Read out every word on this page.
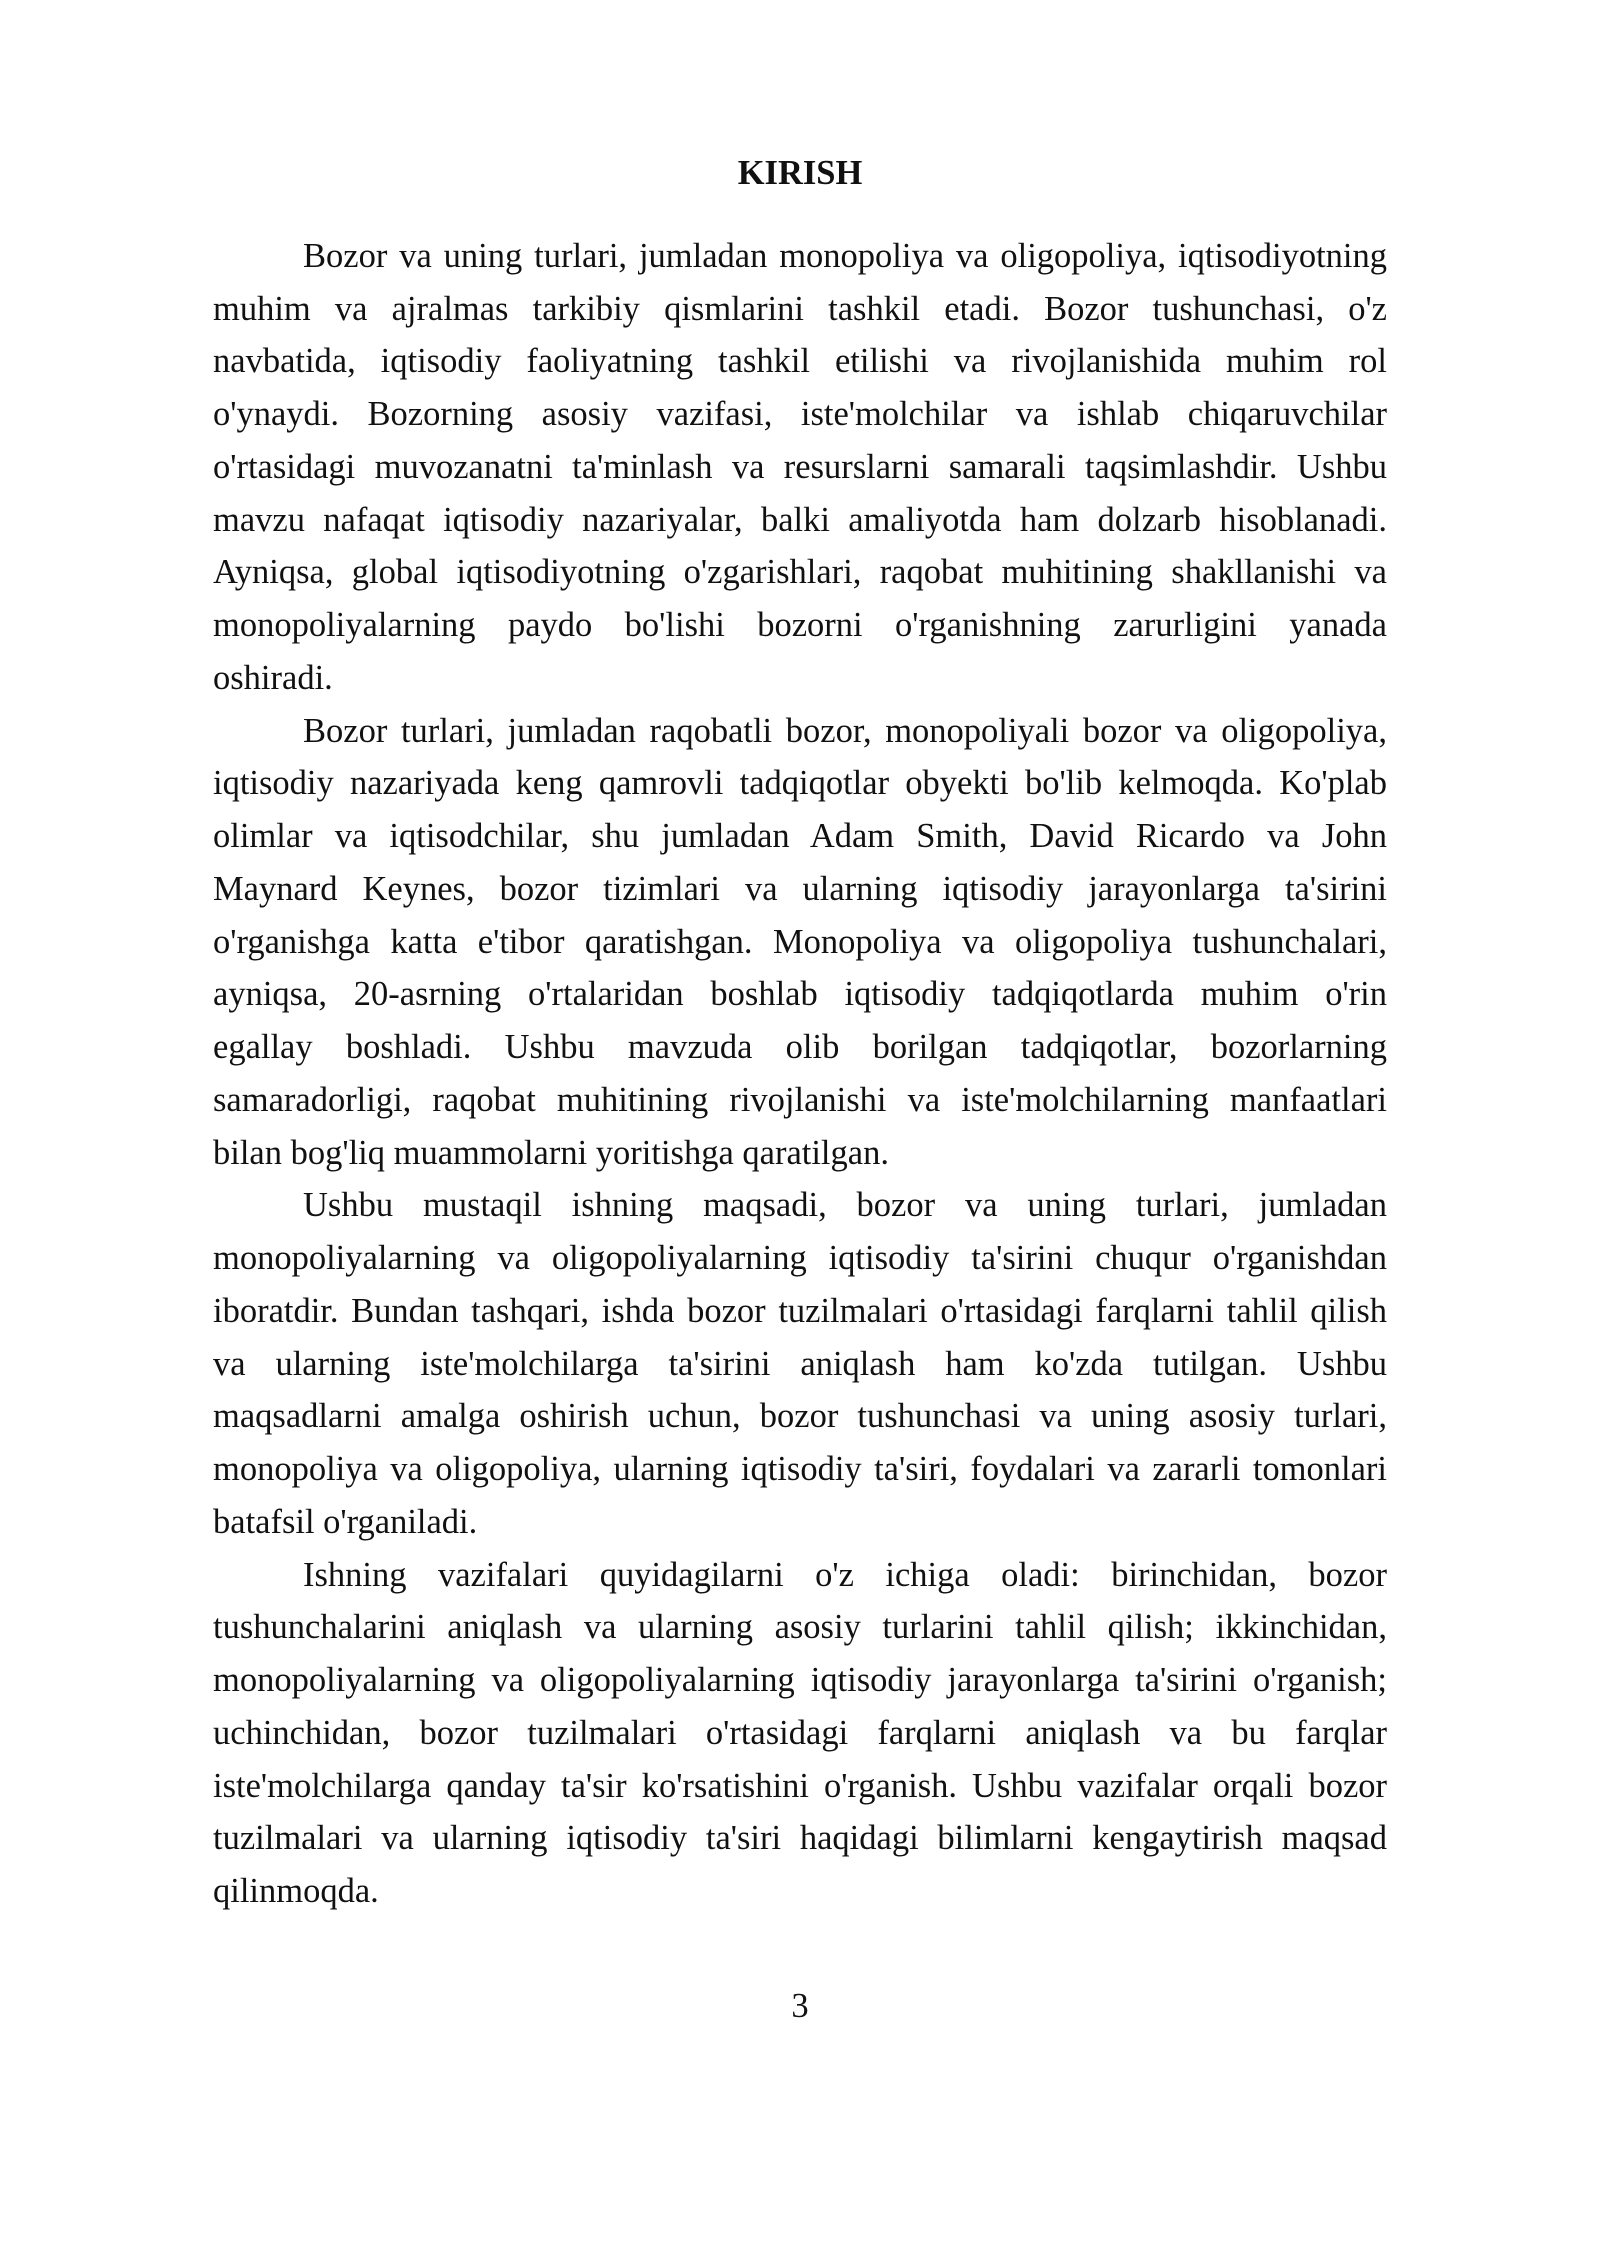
KIRISH
Bozor va uning turlari, jumladan monopoliya va oligopoliya, iqtisodiyotning
muhim va ajralmas tarkibiy qismlarini tashkil etadi. Bozor tushunchasi, o'z
navbatida, iqtisodiy faoliyatning tashkil etilishi va rivojlanishida muhim rol
o'ynaydi. Bozorning asosiy vazifasi, iste'molchilar va ishlab chiqaruvchilar
o'rtasidagi muvozanatni ta'minlash va resurslarni samarali taqsimlashdir. Ushbu
mavzu nafaqat iqtisodiy nazariyalar, balki amaliyotda ham dolzarb hisoblanadi.
Ayniqsa, global iqtisodiyotning o'zgarishlari, raqobat muhitining shakllanishi va
monopoliyalarning paydo bo'lishi bozorni o'rganishning zarurligini yanada
oshiradi.
Bozor turlari, jumladan raqobatli bozor, monopoliyali bozor va oligopoliya,
iqtisodiy nazariyada keng qamrovli tadqiqotlar obyekti bo'lib kelmoqda. Ko'plab
olimlar va iqtisodchilar, shu jumladan Adam Smith, David Ricardo va John
Maynard Keynes, bozor tizimlari va ularning iqtisodiy jarayonlarga ta'sirini
o'rganishga katta e'tibor qaratishgan. Monopoliya va oligopoliya tushunchalari,
ayniqsa, 20-asrning o'rtalaridan boshlab iqtisodiy tadqiqotlarda muhim o'rin
egallay boshladi. Ushbu mavzuda olib borilgan tadqiqotlar, bozorlarning
samaradorligi, raqobat muhitining rivojlanishi va iste'molchilarning manfaatlari
bilan bog'liq muammolarni yoritishga qaratilgan.
Ushbu mustaqil ishning maqsadi, bozor va uning turlari, jumladan
monopoliyalarning va oligopoliyalarning iqtisodiy ta'sirini chuqur o'rganishdan
iboratdir. Bundan tashqari, ishda bozor tuzilmalari o'rtasidagi farqlarni tahlil qilish
va ularning iste'molchilarga ta'sirini aniqlash ham ko'zda tutilgan. Ushbu
maqsadlarni amalga oshirish uchun, bozor tushunchasi va uning asosiy turlari,
monopoliya va oligopoliya, ularning iqtisodiy ta'siri, foydalari va zararli tomonlari
batafsil o'rganiladi.
Ishning vazifalari quyidagilarni o'z ichiga oladi: birinchidan, bozor
tushunchalarini aniqlash va ularning asosiy turlarini tahlil qilish; ikkinchidan,
monopoliyalarning va oligopoliyalarning iqtisodiy jarayonlarga ta'sirini o'rganish;
uchinchidan, bozor tuzilmalari o'rtasidagi farqlarni aniqlash va bu farqlar
iste'molchilarga qanday ta'sir ko'rsatishini o'rganish. Ushbu vazifalar orqali bozor
tuzilmalari va ularning iqtisodiy ta'siri haqidagi bilimlarni kengaytirish maqsad
qilinmoqda.
3
